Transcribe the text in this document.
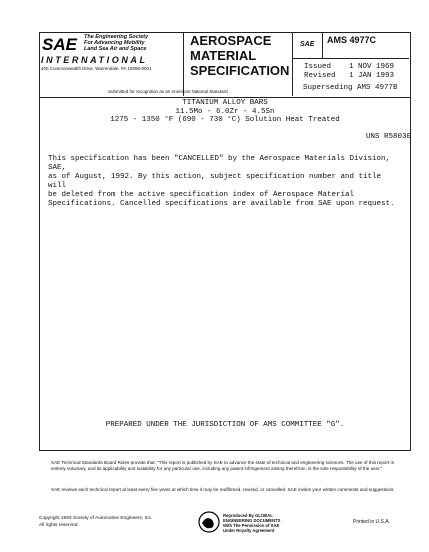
SAE The Engineering Society
For Advancing Mobility
Land Sea Air and Space
INTERNATIONAL
400 Commonwealth Drive, Warrendale, PA 15096-0001
AEROSPACE
MATERIAL
SPECIFICATION
SAE AMS 4977C
Issued    1 NOV 1969
Revised   1 JAN 1993
Superseding AMS 4977B
Submitted for recognition as an American National Standard
TITANIUM ALLOY BARS
11.5Mo - 6.0Zr - 4.5Sn
1275 - 1350 °F (690 - 730 °C) Solution Heat Treated
UNS R58030
This specification has been "CANCELLED" by the Aerospace Materials Division, SAE,
as of August, 1992. By this action, subject specification number and title will
be deleted from the active specification index of Aerospace Material
Specifications. Cancelled specifications are available from SAE upon request.
PREPARED UNDER THE JURISDICTION OF AMS COMMITTEE "G".
SAE Technical Standards Board Rules provide that: "This report is published by SAE to advance the state of technical and engineering sciences. The use of this report is entirely voluntary, and its applicability and suitability for any particular use, including any patent infringement arising therefrom, is the sole responsibility of the user."
SAE reviews each technical report at least every five years at which time it may be reaffirmed, revised, or cancelled. SAE invites your written comments and suggestions.
Copyright 1993 Society of Automotive Engineers, Inc.
All rights reserved.
Reproduced By GLOBAL
ENGINEERING DOCUMENTS
With The Permission of SAE
Under Royalty Agreement
Printed in U.S.A.
